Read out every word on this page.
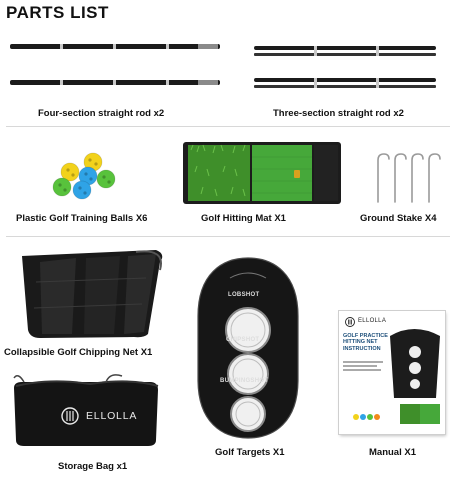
PARTS LIST
Four-section straight rod x2	Three-section straight rod x2
Plastic Golf Training Balls X6	Golf Hitting Mat X1	Ground Stake X4
Collapsible Golf Chipping Net X1
ELLOLLA
Storage Bag x1
LOBSHOT
CHIPSHOT
BUMPINGSHOT
Golf Targets X1
ELLOLLA
GOLF PRACTICE HITTING NET INSTRUCTION
Manual X1
